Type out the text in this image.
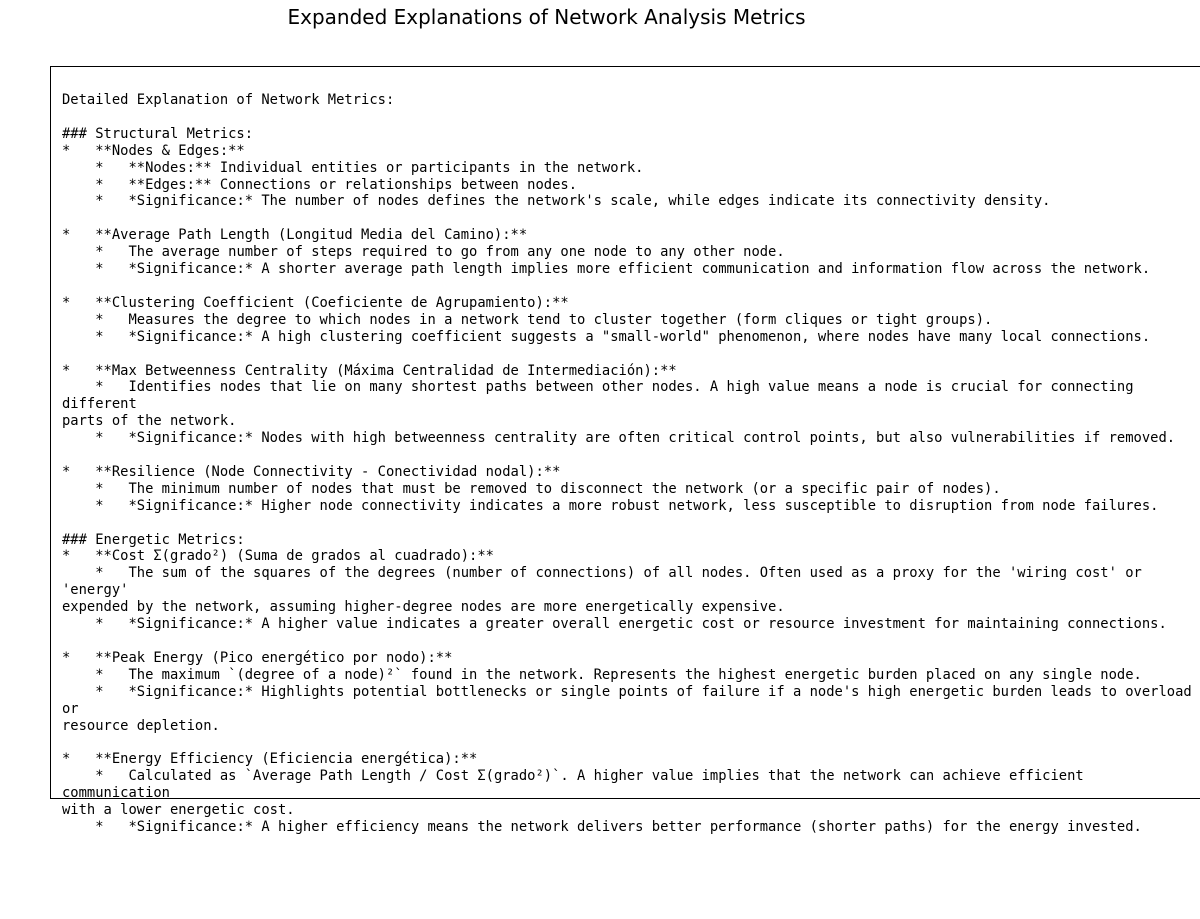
Expanded Explanations of Network Analysis Metrics
Detailed Explanation of Network Metrics:

### Structural Metrics:
*   **Nodes & Edges:**
*   **Nodes:** Individual entities or participants in the network.
*   **Edges:** Connections or relationships between nodes.
*   *Significance:* The number of nodes defines the network's scale, while edges indicate its connectivity density.

*   **Average Path Length (Longitud Media del Camino):**
*   The average number of steps required to go from any one node to any other node.
*   *Significance:* A shorter average path length implies more efficient communication and information flow across the network.

*   **Clustering Coefficient (Coeficiente de Agrupamiento):**
*   Measures the degree to which nodes in a network tend to cluster together (form cliques or tight groups).
*   *Significance:* A high clustering coefficient suggests a "small-world" phenomenon, where nodes have many local connections.

*   **Max Betweenness Centrality (Máxima Centralidad de Intermediación):**
*   Identifies nodes that lie on many shortest paths between other nodes. A high value means a node is crucial for connecting different
parts of the network.
*   *Significance:* Nodes with high betweenness centrality are often critical control points, but also vulnerabilities if removed.

*   **Resilience (Node Connectivity - Conectividad nodal):**
*   The minimum number of nodes that must be removed to disconnect the network (or a specific pair of nodes).
*   *Significance:* Higher node connectivity indicates a more robust network, less susceptible to disruption from node failures.

### Energetic Metrics:
*   **Cost Σ(grado²) (Suma de grados al cuadrado):**
*   The sum of the squares of the degrees (number of connections) of all nodes. Often used as a proxy for the 'wiring cost' or 'energy'
expended by the network, assuming higher-degree nodes are more energetically expensive.
*   *Significance:* A higher value indicates a greater overall energetic cost or resource investment for maintaining connections.

*   **Peak Energy (Pico energético por nodo):**
*   The maximum `(degree of a node)²` found in the network. Represents the highest energetic burden placed on any single node.
*   *Significance:* Highlights potential bottlenecks or single points of failure if a node's high energetic burden leads to overload or
resource depletion.

*   **Energy Efficiency (Eficiencia energética):**
*   Calculated as `Average Path Length / Cost Σ(grado²)`. A higher value implies that the network can achieve efficient communication
with a lower energetic cost.
*   *Significance:* A higher efficiency means the network delivers better performance (shorter paths) for the energy invested.
